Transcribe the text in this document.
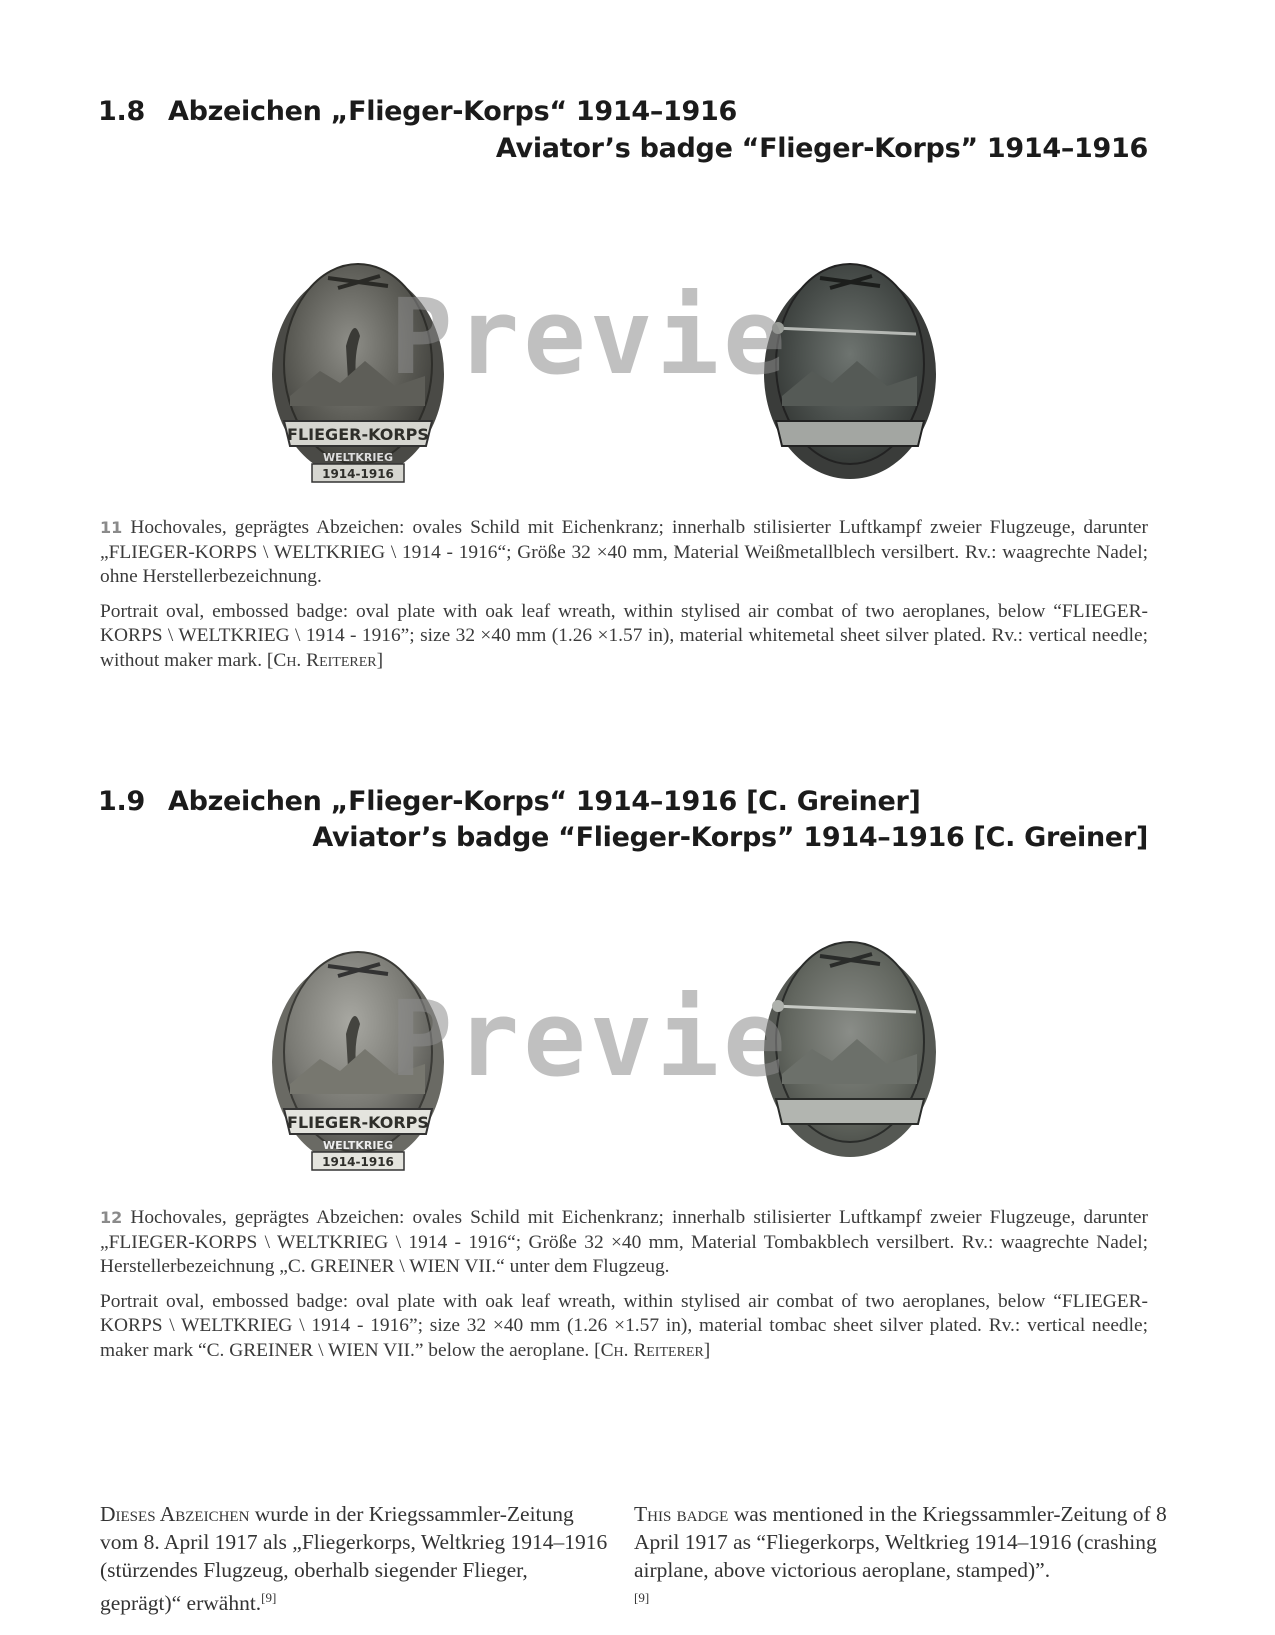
1.8 Abzeichen „Flieger-Korps“ 1914–1916
Aviator’s badge “Flieger-Korps” 1914–1916
FLIEGER-KORPS
WELTKRIEG
1914-1916
Previe

11 Hochovales, geprägtes Abzeichen: ovales Schild mit Eichenkranz; innerhalb stilisierter Luftkampf zweier Flugzeuge, darunter „FLIEGER-KORPS \ WELTKRIEG \ 1914 - 1916“; Größe 32 ×40 mm, Material Weißmetallblech versilbert. Rv.: waagrechte Nadel; ohne Herstellerbezeichnung.

Portrait oval, embossed badge: oval plate with oak leaf wreath, within stylised air combat of two aeroplanes, below “FLIEGER-KORPS \ WELTKRIEG \ 1914 - 1916”; size 32 ×40 mm (1.26 ×1.57 in), material whitemetal sheet silver plated. Rv.: vertical needle; without maker mark. [Ch. Reiterer]

1.9 Abzeichen „Flieger-Korps“ 1914–1916 [C. Greiner]
Aviator’s badge “Flieger-Korps” 1914–1916 [C. Greiner]
FLIEGER-KORPS
WELTKRIEG
1914-1916
Previe

12 Hochovales, geprägtes Abzeichen: ovales Schild mit Eichenkranz; innerhalb stilisierter Luftkampf zweier Flugzeuge, darunter „FLIEGER-KORPS \ WELTKRIEG \ 1914 - 1916“; Größe 32 ×40 mm, Material Tombakblech versilbert. Rv.: waagrechte Nadel; Herstellerbezeichnung „C. GREINER \ WIEN VII.“ unter dem Flugzeug.

Portrait oval, embossed badge: oval plate with oak leaf wreath, within stylised air combat of two aeroplanes, below “FLIEGER-KORPS \ WELTKRIEG \ 1914 - 1916”; size 32 ×40 mm (1.26 ×1.57 in), material tombac sheet silver plated. Rv.: vertical needle; maker mark “C. GREINER \ WIEN VII.” below the aeroplane. [Ch. Reiterer]

Dieses Abzeichen wurde in der Kriegssammler-Zeitung vom 8. April 1917 als „Fliegerkorps, Weltkrieg 1914–1916 (stürzendes Flugzeug, oberhalb siegender Flieger, geprägt)“ erwähnt.[9]

This badge was mentioned in the Kriegssammler-Zeitung of 8 April 1917 as “Fliegerkorps, Weltkrieg 1914–1916 (crashing airplane, above victorious aeroplane, stamped)”.
[9]
